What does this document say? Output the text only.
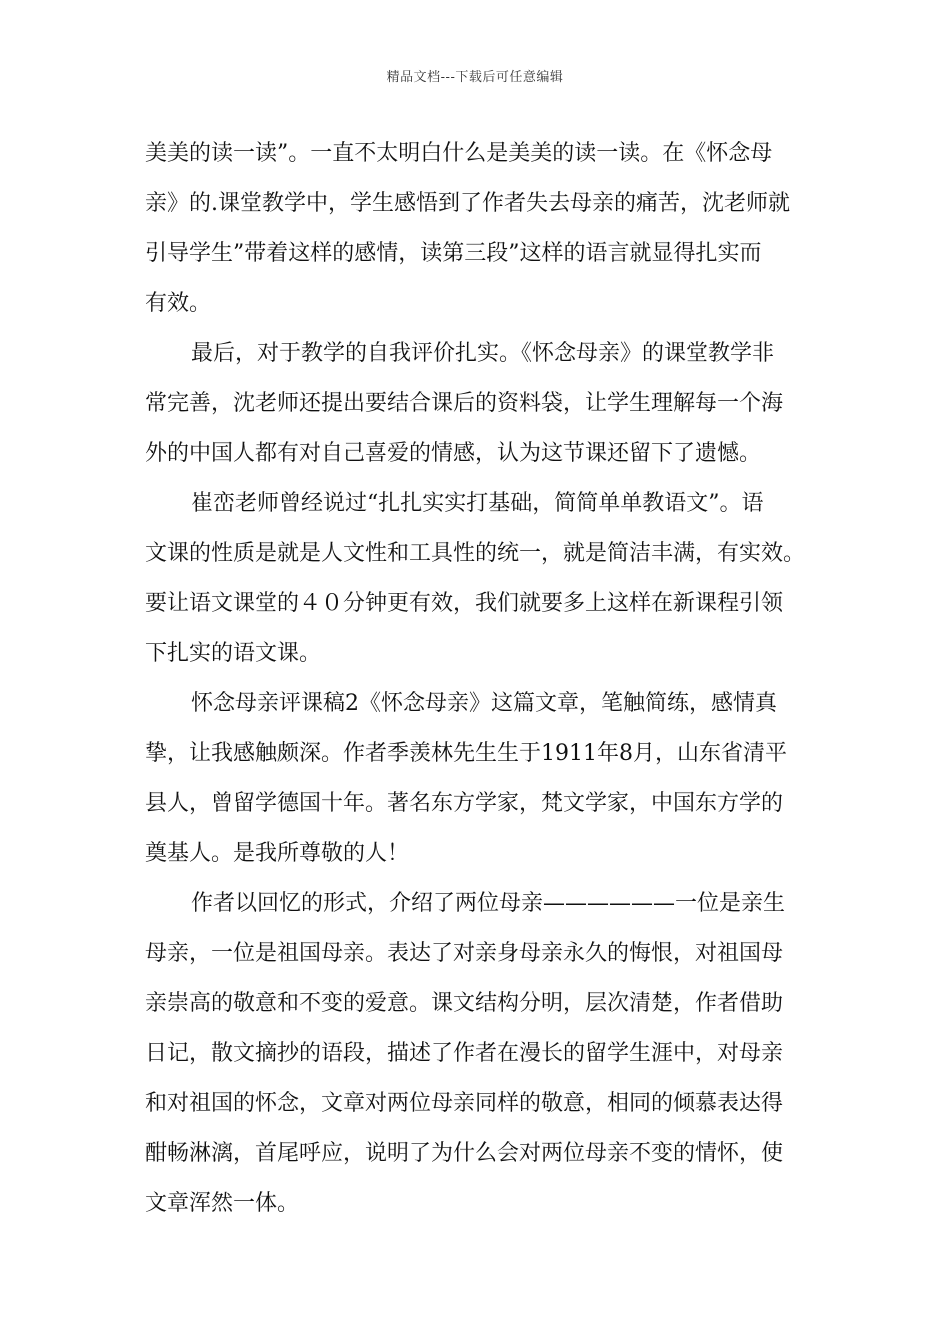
精品文档---下载后可任意编辑
美美的读一读”。一直不太明白什么是美美的读一读。在《怀念母
亲》的.课堂教学中，学生感悟到了作者失去母亲的痛苦，沈老师就
引导学生”带着这样的感情，读第三段”这样的语言就显得扎实而
有效。
最后，对于教学的自我评价扎实。《怀念母亲》的课堂教学非
常完善，沈老师还提出要结合课后的资料袋，让学生理解每一个海
外的中国人都有对自己喜爱的情感，认为这节课还留下了遗憾。
崔峦老师曾经说过“扎扎实实打基础，简简单单教语文”。语
文课的性质是就是人文性和工具性的统一，就是简洁丰满，有实效。
要让语文课堂的４０分钟更有效，我们就要多上这样在新课程引领
下扎实的语文课。
怀念母亲评课稿2《怀念母亲》这篇文章，笔触简练，感情真
挚，让我感触颇深。作者季羡林先生生于1911年8月，山东省清平
县人，曾留学德国十年。著名东方学家，梵文学家，中国东方学的
奠基人。是我所尊敬的人！
作者以回忆的形式，介绍了两位母亲——————一位是亲生
母亲，一位是祖国母亲。表达了对亲身母亲永久的悔恨，对祖国母
亲崇高的敬意和不变的爱意。课文结构分明，层次清楚，作者借助
日记，散文摘抄的语段，描述了作者在漫长的留学生涯中，对母亲
和对祖国的怀念，文章对两位母亲同样的敬意，相同的倾慕表达得
酣畅淋漓，首尾呼应，说明了为什么会对两位母亲不变的情怀，使
文章浑然一体。
